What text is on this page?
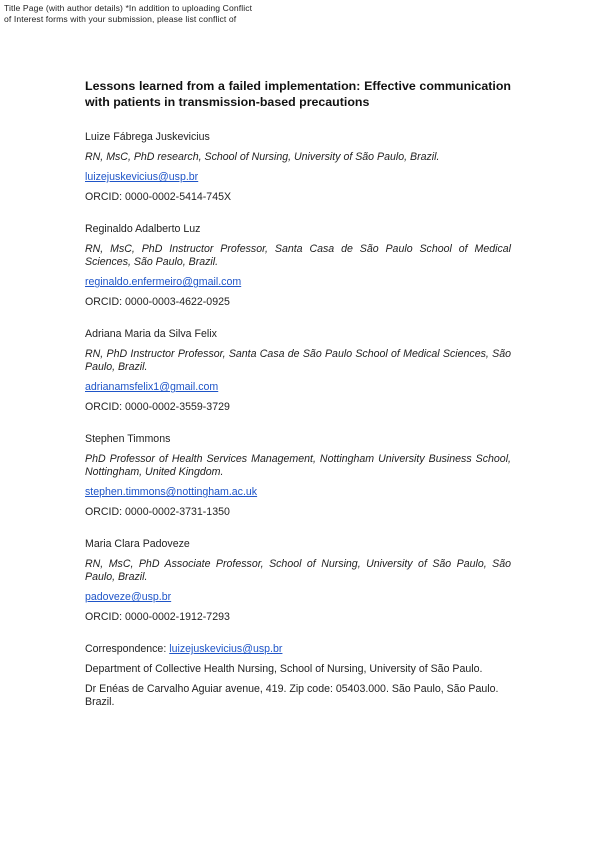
Title Page (with author details) *In addition to uploading Conflict
of Interest forms with your submission, please list conflict of
Lessons learned from a failed implementation: Effective communication with patients in transmission-based precautions
Luize Fábrega Juskevicius
RN, MsC, PhD research, School of Nursing, University of São Paulo, Brazil.
luizejuskevicius@usp.br
ORCID: 0000-0002-5414-745X
Reginaldo Adalberto Luz
RN, MsC, PhD Instructor Professor, Santa Casa de São Paulo School of Medical Sciences, São Paulo, Brazil.
reginaldo.enfermeiro@gmail.com
ORCID: 0000-0003-4622-0925
Adriana Maria da Silva Felix
RN, PhD Instructor Professor, Santa Casa de São Paulo School of Medical Sciences, São Paulo, Brazil.
adrianamsfelix1@gmail.com
ORCID: 0000-0002-3559-3729
Stephen Timmons
PhD Professor of Health Services Management, Nottingham University Business School, Nottingham, United Kingdom.
stephen.timmons@nottingham.ac.uk
ORCID: 0000-0002-3731-1350
Maria Clara Padoveze
RN, MsC, PhD Associate Professor, School of Nursing, University of São Paulo, São Paulo, Brazil.
padoveze@usp.br
ORCID: 0000-0002-1912-7293
Correspondence: luizejuskevicius@usp.br
Department of Collective Health Nursing, School of Nursing, University of São Paulo.
Dr Enéas de Carvalho Aguiar avenue, 419. Zip code: 05403.000. São Paulo, São Paulo. Brazil.
